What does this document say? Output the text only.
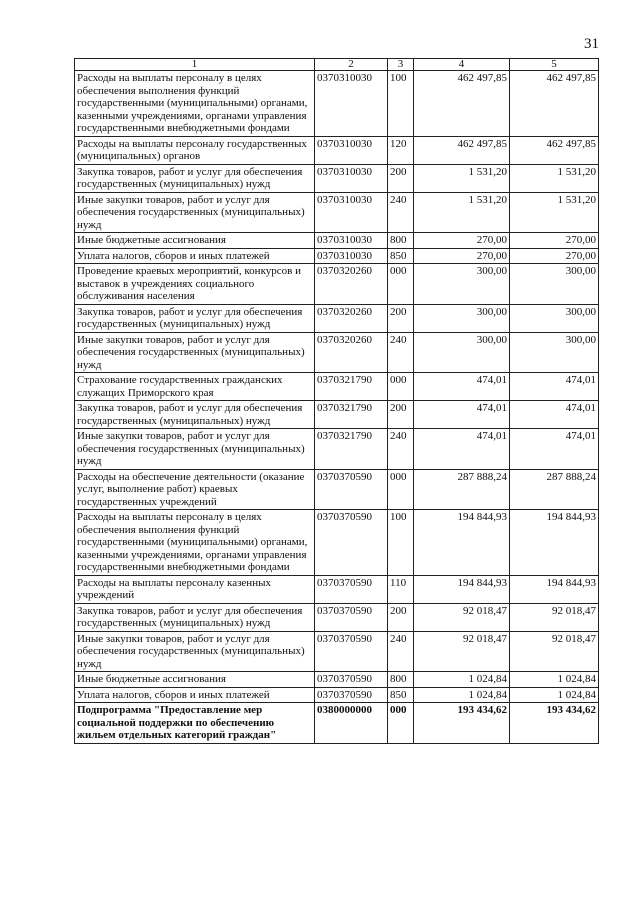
31
1	2	3	4	5
Расходы на выплаты персоналу в целях обеспечения выполнения функций государственными (муниципальными) органами, казенными учреждениями, органами управления государственными внебюджетными фондами	0370310030	100	462 497,85	462 497,85
Расходы на выплаты персоналу государственных (муниципальных) органов	0370310030	120	462 497,85	462 497,85
Закупка товаров, работ и услуг для обеспечения государственных (муниципальных) нужд	0370310030	200	1 531,20	1 531,20
Иные закупки товаров, работ и услуг для обеспечения государственных (муниципальных) нужд	0370310030	240	1 531,20	1 531,20
Иные бюджетные ассигнования	0370310030	800	270,00	270,00
Уплата налогов, сборов и иных платежей	0370310030	850	270,00	270,00
Проведение краевых мероприятий, конкурсов и выставок в учреждениях социального обслуживания населения	0370320260	000	300,00	300,00
Закупка товаров, работ и услуг для обеспечения государственных (муниципальных) нужд	0370320260	200	300,00	300,00
Иные закупки товаров, работ и услуг для обеспечения государственных (муниципальных) нужд	0370320260	240	300,00	300,00
Страхование государственных гражданских служащих Приморского края	0370321790	000	474,01	474,01
Закупка товаров, работ и услуг для обеспечения государственных (муниципальных) нужд	0370321790	200	474,01	474,01
Иные закупки товаров, работ и услуг для обеспечения государственных (муниципальных) нужд	0370321790	240	474,01	474,01
Расходы на обеспечение деятельности (оказание услуг, выполнение работ) краевых государственных учреждений	0370370590	000	287 888,24	287 888,24
Расходы на выплаты персоналу в целях обеспечения выполнения функций государственными (муниципальными) органами, казенными учреждениями, органами управления государственными внебюджетными фондами	0370370590	100	194 844,93	194 844,93
Расходы на выплаты персоналу казенных учреждений	0370370590	110	194 844,93	194 844,93
Закупка товаров, работ и услуг для обеспечения государственных (муниципальных) нужд	0370370590	200	92 018,47	92 018,47
Иные закупки товаров, работ и услуг для обеспечения государственных (муниципальных) нужд	0370370590	240	92 018,47	92 018,47
Иные бюджетные ассигнования	0370370590	800	1 024,84	1 024,84
Уплата налогов, сборов и иных платежей	0370370590	850	1 024,84	1 024,84
Подпрограмма "Предоставление мер социальной поддержки по обеспечению жильем отдельных категорий граждан"	0380000000	000	193 434,62	193 434,62
